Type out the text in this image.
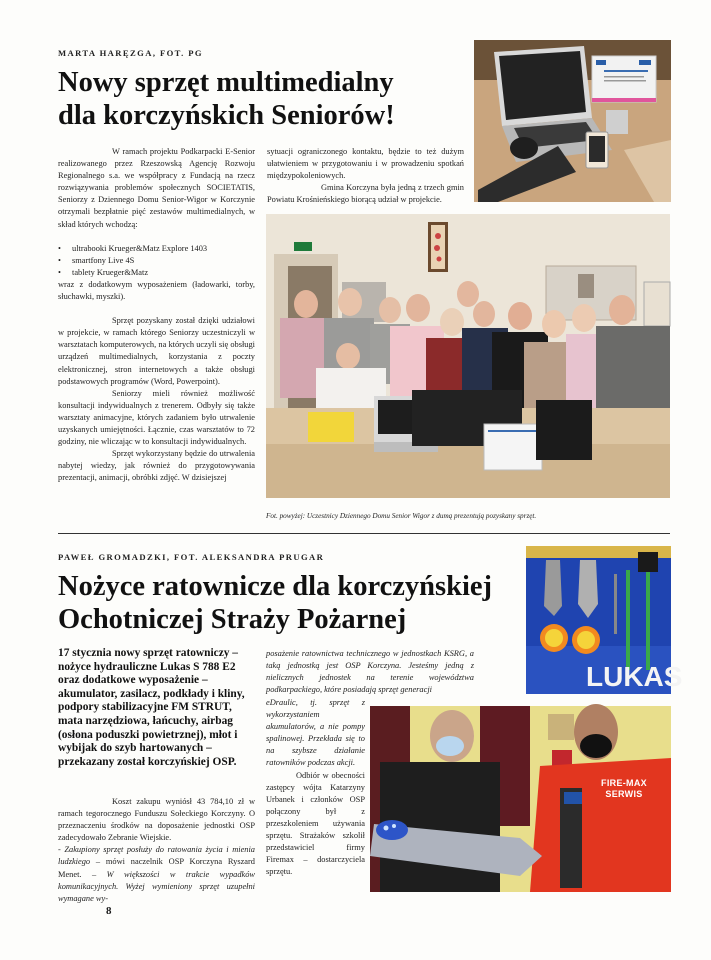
MARTA HARĘZGA, FOT. PG
Nowy sprzęt multimedialny
dla korczyńskich Seniorów!

W ramach projektu Podkarpacki E-Senior realizowanego przez Rzeszowską Agencję Rozwoju Regionalnego s.a. we współpracy z Fundacją na rzecz rozwiązywania problemów społecznych SOCIETATIS, Seniorzy z Dziennego Domu Senior-Wigor w Korczynie otrzymali bezpłatnie pięć zestawów multimedialnych, w skład których wchodzą:

• ultrabooki Krueger&Matz Explore 1403
• smartfony Live 4S
• tablety Krueger&Matz

wraz z dodatkowym wyposażeniem (ładowarki, torby, słuchawki, myszki).

Sprzęt pozyskany został dzięki udziałowi w projekcie, w ramach którego Seniorzy uczestniczyli w warsztatach komputerowych, na których uczyli się obsługi urządzeń multimedialnych, korzystania z poczty elektronicznej, stron internetowych a także obsługi podstawowych programów (Word, Powerpoint).

Seniorzy mieli również możliwość konsultacji indywidualnych z trenerem. Odbyły się także warsztaty animacyjne, których zadaniem było utrwalenie uzyskanych umiejętności. Łącznie, czas warsztatów to 72 godziny, nie wliczając w to konsultacji indywidualnych.

Sprzęt wykorzystany będzie do utrwalenia nabytej wiedzy, jak również do przygotowywania prezentacji, animacji, obróbki zdjęć. W dzisiejszej

sytuacji ograniczonego kontaktu, będzie to też dużym ułatwieniem w przygotowaniu i w prowadzeniu spotkań międzypokoleniowych.

Gmina Korczyna była jedną z trzech gmin Powiatu Krośnieńskiego biorącą udział w projekcie.

Fot. powyżej: Uczestnicy Dziennego Domu Senior Wigor z dumą prezentują pozyskany sprzęt.
PAWEŁ GROMADZKI, FOT. ALEKSANDRA PRUGAR
Nożyce ratownicze dla korczyńskiej
Ochotniczej Straży Pożarnej
17 stycznia nowy sprzęt ratowniczy – nożyce hydrauliczne Lukas S 788 E2 oraz dodatkowe wyposażenie – akumulator, zasilacz, podkłady i kliny, podpory stabilizacyjne FM STRUT, mata narzędziowa, łańcuchy, airbag (osłona poduszki powietrznej), młot i wybijak do szyb hartowanych – przekazany został korczyńskiej OSP.

Koszt zakupu wyniósł 43 784,10 zł w ramach tegorocznego Funduszu Sołeckiego Korczyny. O przeznaczeniu środków na doposażenie jednostki OSP zadecydowało Zebranie Wiejskie.

- Zakupiony sprzęt posłuży do ratowania życia i mienia ludzkiego – mówi naczelnik OSP Korczyna Ryszard Menet. – W większości w trakcie wypadków komunikacyjnych. Wyżej wymieniony sprzęt uzupełni wymagane wy-

posażenie ratownictwa technicznego w jednostkach KSRG, a taką jednostką jest OSP Korczyna. Jesteśmy jedną z nielicznych jednostek na terenie województwa podkarpackiego, które posiadają sprzęt generacji

eDraulic, tj. sprzęt z wykorzystaniem akumulatorów, a nie pompy spalinowej. Przekłada się to na szybsze działanie ratowników podczas akcji.

Odbiór w obecności zastępcy wójta Katarzyny Urbanek i członków OSP połączony był z przeszkoleniem używania sprzętu. Strażaków szkolił przedstawiciel firmy Firemax – dostarczyciela sprzętu.

LUKAS
FIRE-MAX SERWIS
8
